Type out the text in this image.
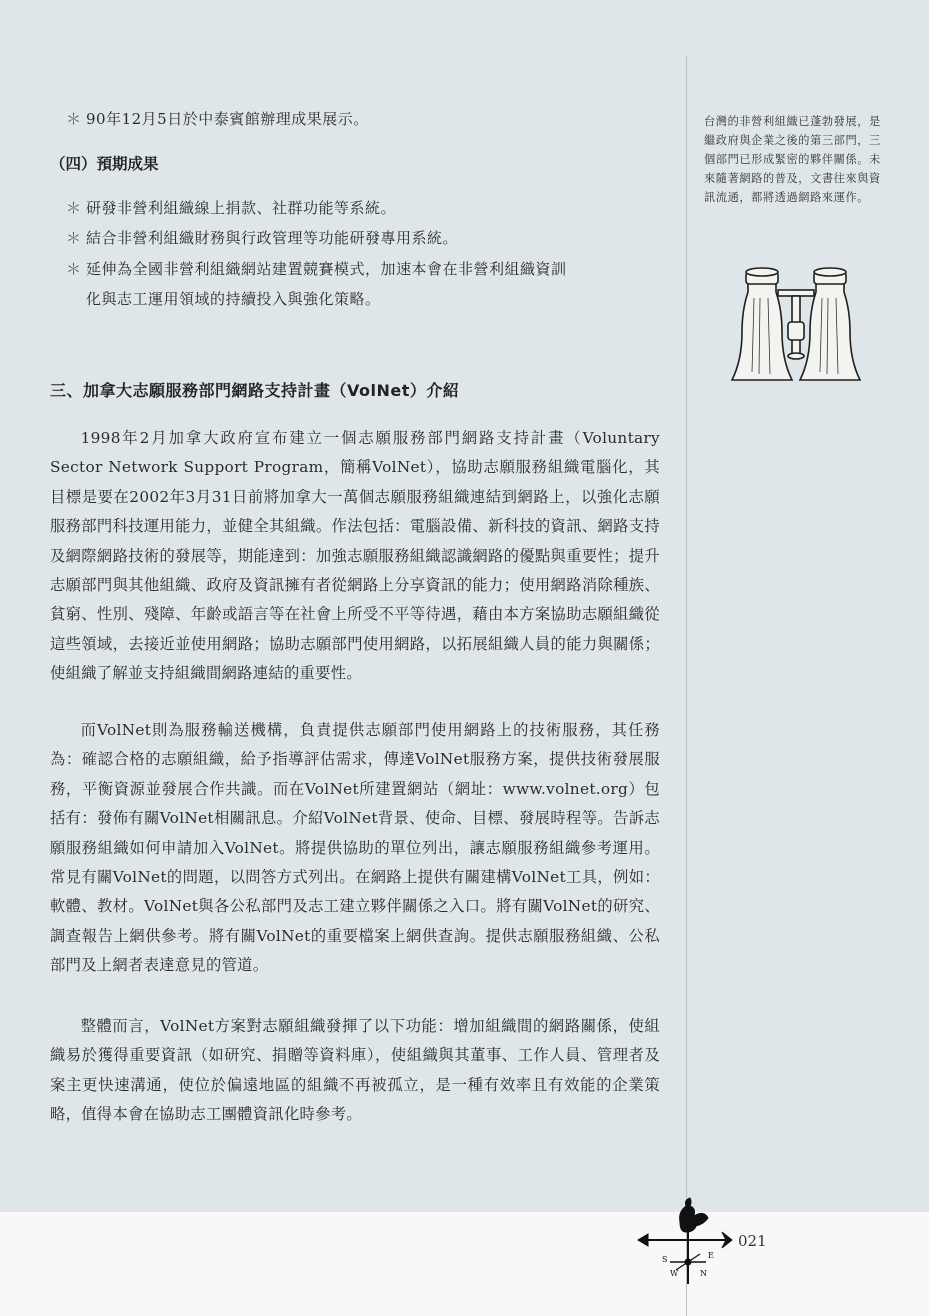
＊ 90年12月5日於中泰賓館辦理成果展示。
（四）預期成果
＊ 研發非營利組織線上捐款、社群功能等系統。
＊ 結合非營利組織財務與行政管理等功能研發專用系統。
＊ 延伸為全國非營利組織網站建置競賽模式，加速本會在非營利組織資訓
化與志工運用領域的持續投入與強化策略。
三、加拿大志願服務部門網路支持計畫（VolNet）介紹
1998年2月加拿大政府宣布建立一個志願服務部門網路支持計畫（Voluntary Sector Network Support Program，簡稱VolNet），協助志願服務組織電腦化，其目標是要在2002年3月31日前將加拿大一萬個志願服務組織連結到網路上，以強化志願服務部門科技運用能力，並健全其組織。作法包括：電腦設備、新科技的資訊、網路支持及網際網路技術的發展等，期能達到：加強志願服務組織認識網路的優點與重要性；提升志願部門與其他組織、政府及資訊擁有者從網路上分享資訊的能力；使用網路消除種族、貧窮、性別、殘障、年齡或語言等在社會上所受不平等待遇，藉由本方案協助志願組織從這些領域，去接近並使用網路；協助志願部門使用網路，以拓展組織人員的能力與關係；使組織了解並支持組織間網路連結的重要性。
而VolNet則為服務輸送機構，負責提供志願部門使用網路上的技術服務，其任務為：確認合格的志願組織，給予指導評估需求，傳達VolNet服務方案，提供技術發展服務，平衡資源並發展合作共識。而在VolNet所建置網站（網址：www.volnet.org）包括有：發佈有關VolNet相關訊息。介紹VolNet背景、使命、目標、發展時程等。告訴志願服務組織如何申請加入VolNet。將提供協助的單位列出，讓志願服務組織參考運用。常見有關VolNet的問題，以問答方式列出。在網路上提供有關建構VolNet工具，例如：軟體、教材。VolNet與各公私部門及志工建立夥伴關係之入口。將有關VolNet的研究、調查報告上網供參考。將有關VolNet的重要檔案上網供查詢。提供志願服務組織、公私部門及上網者表達意見的管道。
整體而言，VolNet方案對志願組織發揮了以下功能：增加組織間的網路關係，使組織易於獲得重要資訊（如研究、捐贈等資料庫），使組織與其董事、工作人員、管理者及案主更快速溝通，使位於偏遠地區的組織不再被孤立，是一種有效率且有效能的企業策略，值得本會在協助志工團體資訊化時參考。
台灣的非營利組織已蓬勃發展，是繼政府與企業之後的第三部門，三個部門已形成緊密的夥伴關係。未來隨著網路的普及，文書往來與資訊流通，都將透過網路來運作。
S	E
W	N
021
